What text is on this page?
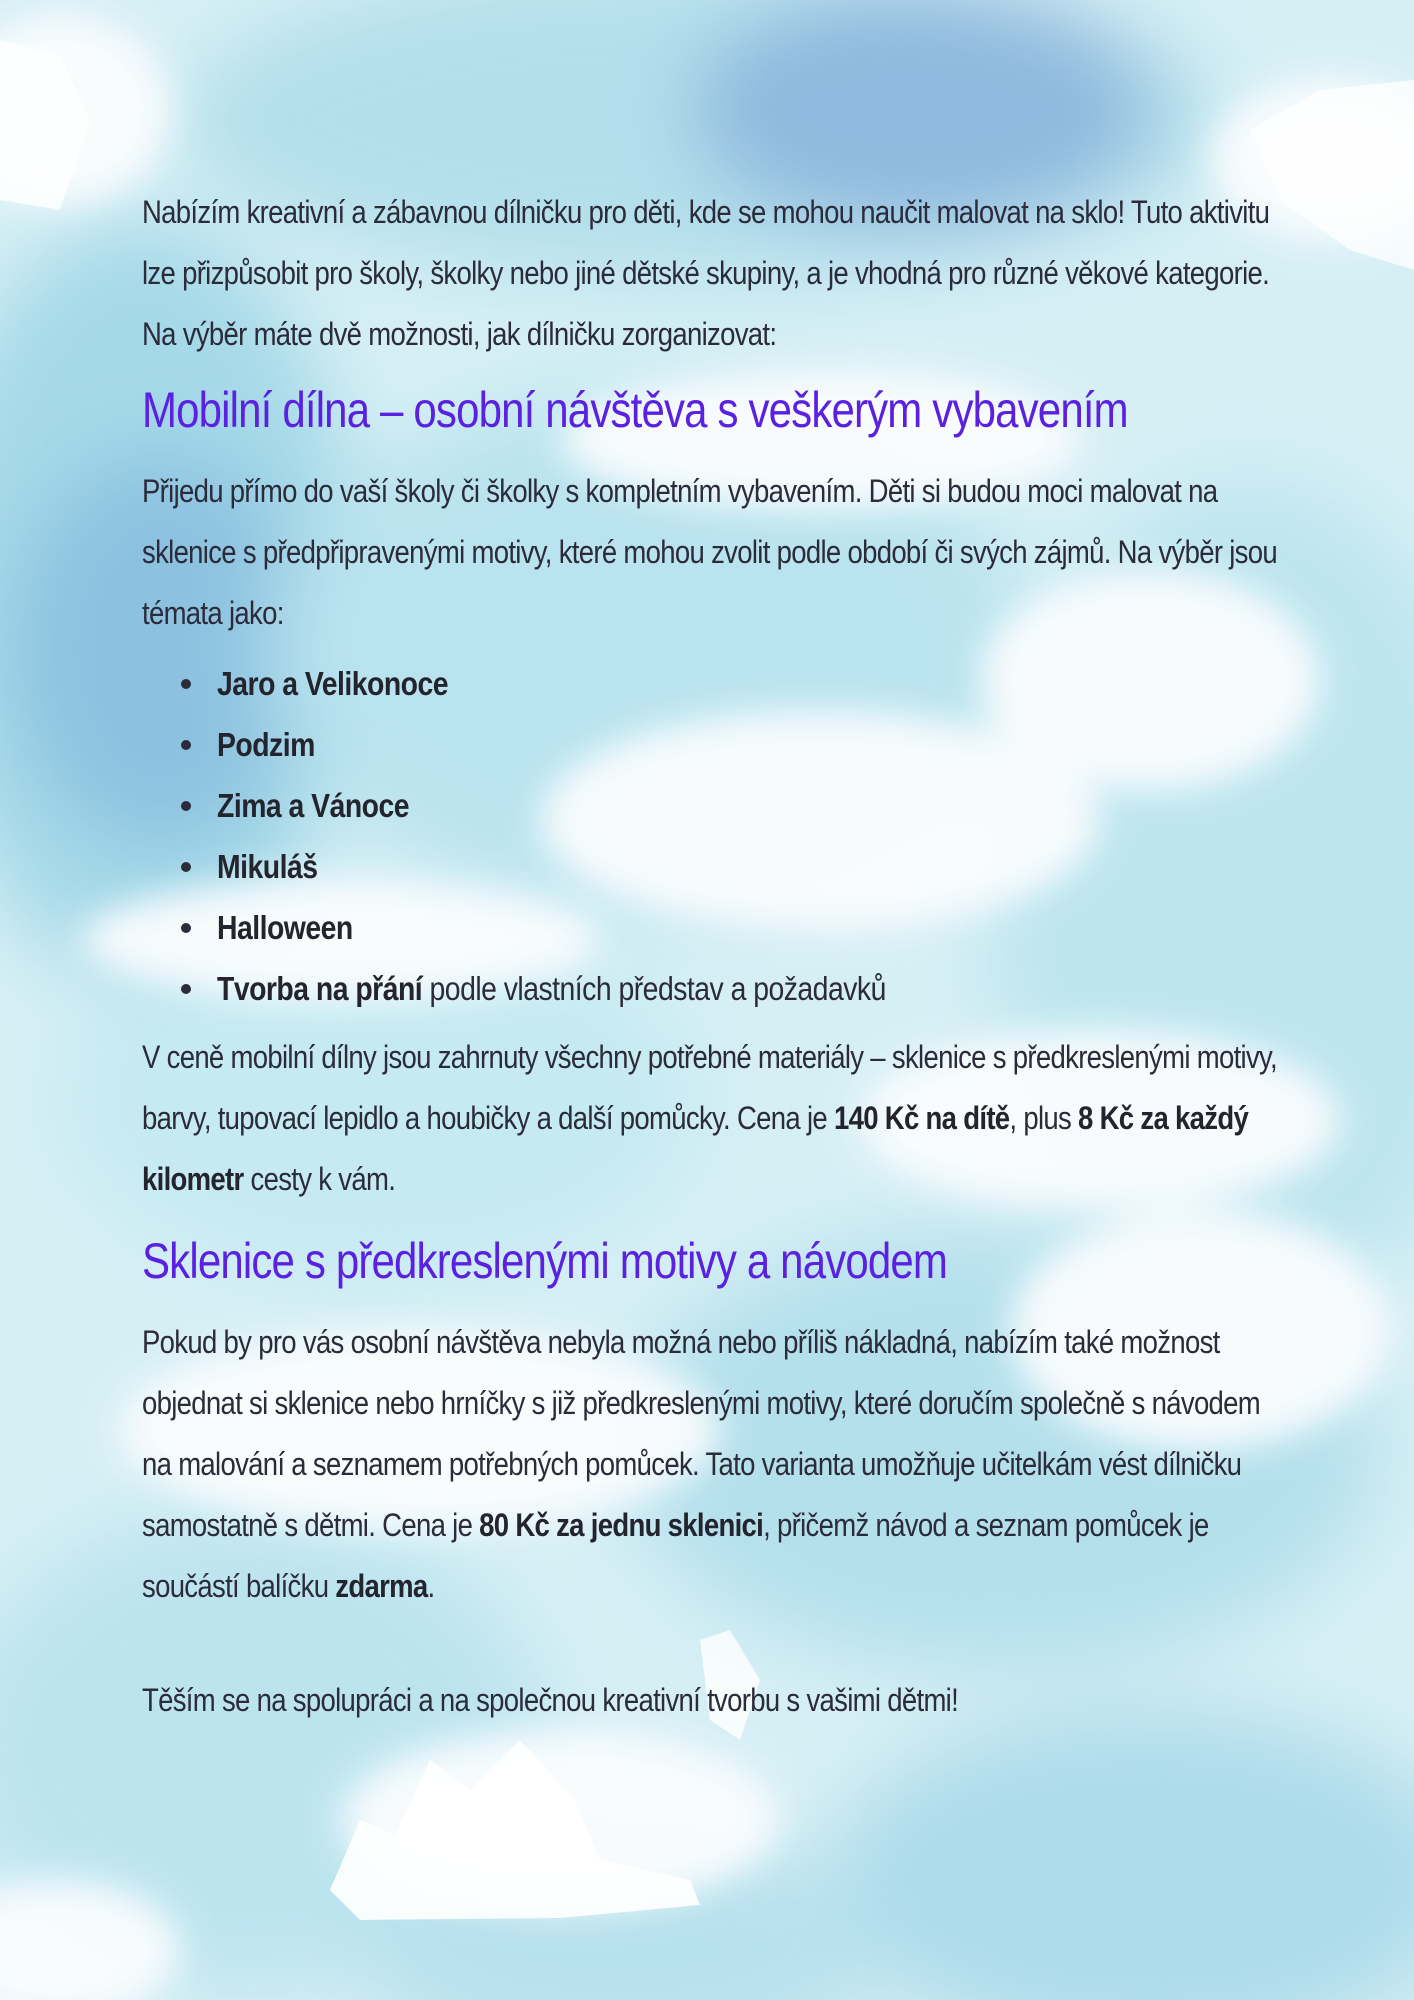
Nabízím kreativní a zábavnou dílničku pro děti, kde se mohou naučit malovat na sklo! Tuto aktivitu lze přizpůsobit pro školy, školky nebo jiné dětské skupiny, a je vhodná pro různé věkové kategorie. Na výběr máte dvě možnosti, jak dílničku zorganizovat:

Mobilní dílna – osobní návštěva s veškerým vybavením

Přijedu přímo do vaší školy či školky s kompletním vybavením. Děti si budou moci malovat na sklenice s předpřipravenými motivy, které mohou zvolit podle období či svých zájmů. Na výběr jsou témata jako:

Jaro a Velikonoce
Podzim
Zima a Vánoce
Mikuláš
Halloween
Tvorba na přání podle vlastních představ a požadavků

V ceně mobilní dílny jsou zahrnuty všechny potřebné materiály – sklenice s předkreslenými motivy, barvy, tupovací lepidlo a houbičky a další pomůcky. Cena je 140 Kč na dítě, plus 8 Kč za každý kilometr cesty k vám.

Sklenice s předkreslenými motivy a návodem

Pokud by pro vás osobní návštěva nebyla možná nebo příliš nákladná, nabízím také možnost objednat si sklenice nebo hrníčky s již předkreslenými motivy, které doručím společně s návodem na malování a seznamem potřebných pomůcek. Tato varianta umožňuje učitelkám vést dílničku samostatně s dětmi. Cena je 80 Kč za jednu sklenici, přičemž návod a seznam pomůcek je součástí balíčku zdarma.

Těším se na spolupráci a na společnou kreativní tvorbu s vašimi dětmi!
